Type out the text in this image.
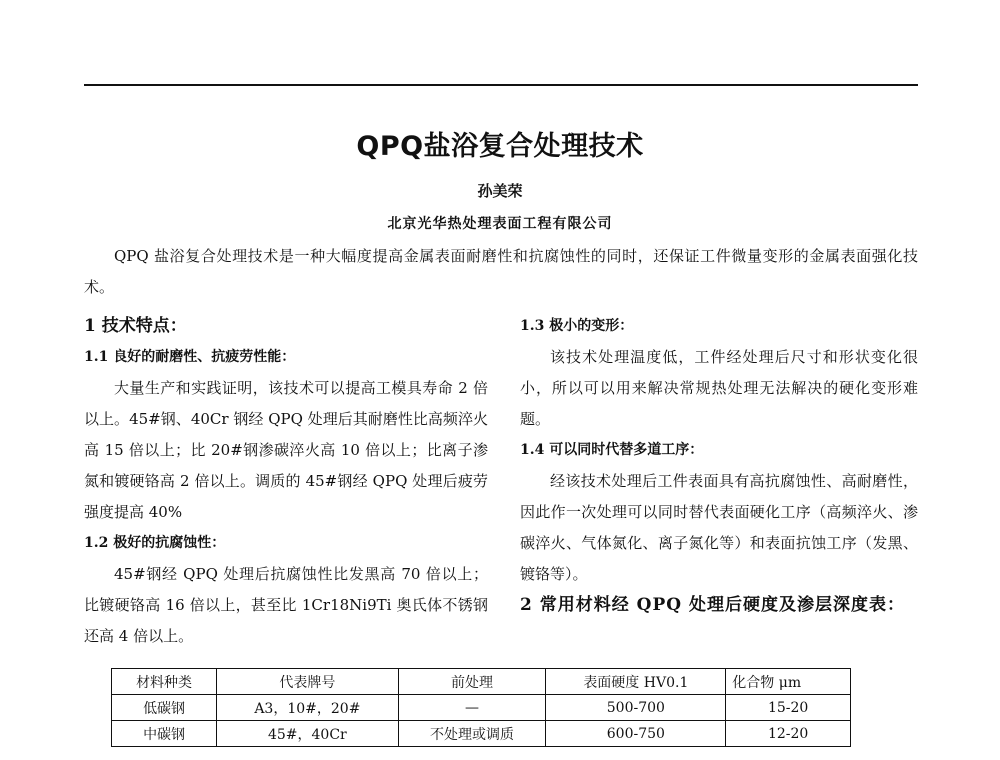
QPQ盐浴复合处理技术
孙美荣
北京光华热处理表面工程有限公司

QPQ 盐浴复合处理技术是一种大幅度提高金属表面耐磨性和抗腐蚀性的同时，还保证工件微量变形的金属表面强化技术。

1 技术特点：
1.1 良好的耐磨性、抗疲劳性能：

大量生产和实践证明，该技术可以提高工模具寿命 2 倍以上。45#钢、40Cr 钢经 QPQ 处理后其耐磨性比高频淬火高 15 倍以上；比 20#钢渗碳淬火高 10 倍以上；比离子渗氮和镀硬铬高 2 倍以上。调质的 45#钢经 QPQ 处理后疲劳强度提高 40%

1.2 极好的抗腐蚀性：

45#钢经 QPQ 处理后抗腐蚀性比发黑高 70 倍以上；比镀硬铬高 16 倍以上，甚至比 1Cr18Ni9Ti 奥氏体不锈钢还高 4 倍以上。

1.3 极小的变形：

该技术处理温度低，工件经处理后尺寸和形状变化很小，所以可以用来解决常规热处理无法解决的硬化变形难题。

1.4 可以同时代替多道工序：

经该技术处理后工件表面具有高抗腐蚀性、高耐磨性，因此作一次处理可以同时替代表面硬化工序（高频淬火、渗碳淬火、气体氮化、离子氮化等）和表面抗蚀工序（发黑、镀铬等）。

2 常用材料经 QPQ 处理后硬度及渗层深度表：
材料种类	代表牌号	前处理	表面硬度 HV0.1	化合物 μm
低碳钢	A3，10#，20#	—	500-700	15-20
中碳钢	45#，40Cr	不处理或调质	600-750	12-20
